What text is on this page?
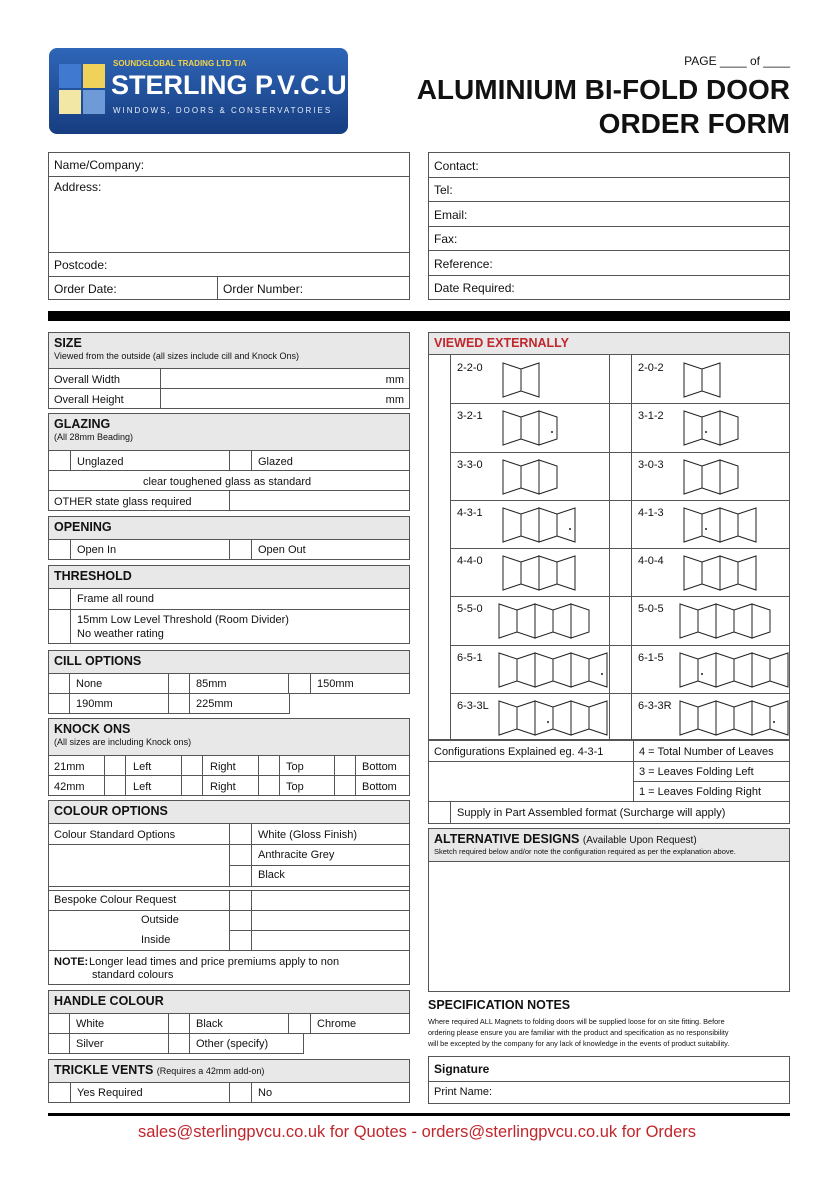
SOUNDGLOBAL TRADING LTD T/A
STERLING P.V.C.U
WINDOWS, DOORS & CONSERVATORIES
PAGE ____ of ____
ALUMINIUM BI-FOLD DOOR
ORDER FORM
Name/Company:
Address:
Postcode:
Order Date:	Order Number:
Contact:
Tel:
Email:
Fax:
Reference:
Date Required:
SIZE
Viewed from the outside (all sizes include cill and Knock Ons)
Overall Width	mm
Overall Height	mm
GLAZING
(All 28mm Beading)
Unglazed	Glazed
clear toughened glass as standard
OTHER state glass required
OPENING
Open In	Open Out
THRESHOLD
Frame all round
15mm Low Level Threshold (Room Divider)
No weather rating
CILL OPTIONS
None	85mm	150mm
190mm	225mm
KNOCK ONS
(All sizes are including Knock ons)
21mm	Left	Right	Top	Bottom
42mm	Left	Right	Top	Bottom
COLOUR OPTIONS
Colour Standard Options	White (Gloss Finish)
Anthracite Grey
Black
Bespoke Colour Request
Outside
Inside
NOTE: Longer lead times and price premiums apply to non
standard colours
HANDLE COLOUR
White	Black	Chrome
Silver	Other (specify)
TRICKLE VENTS (Requires a 42mm add-on)
Yes Required	No
VIEWED EXTERNALLY
2-2-0	2-0-2
3-2-1	3-1-2
3-3-0	3-0-3
4-3-1	4-1-3
4-4-0	4-0-4
5-5-0	5-0-5
6-5-1	6-1-5
6-3-3L	6-3-3R
Configurations Explained eg. 4-3-1	4 = Total Number of Leaves
3 = Leaves Folding Left
1 = Leaves Folding Right
Supply in Part Assembled format (Surcharge will apply)
ALTERNATIVE DESIGNS (Available Upon Request)
Sketch required below and/or note the configuration required as per the explanation above.
SPECIFICATION NOTES
Where required ALL Magnets to folding doors will be supplied loose for on site fitting. Before
ordering please ensure you are familiar with the product and specification as no responsibility
will be excepted by the company for any lack of knowledge in the events of product suitability.
Signature
Print Name:
sales@sterlingpvcu.co.uk for Quotes - orders@sterlingpvcu.co.uk for Orders
